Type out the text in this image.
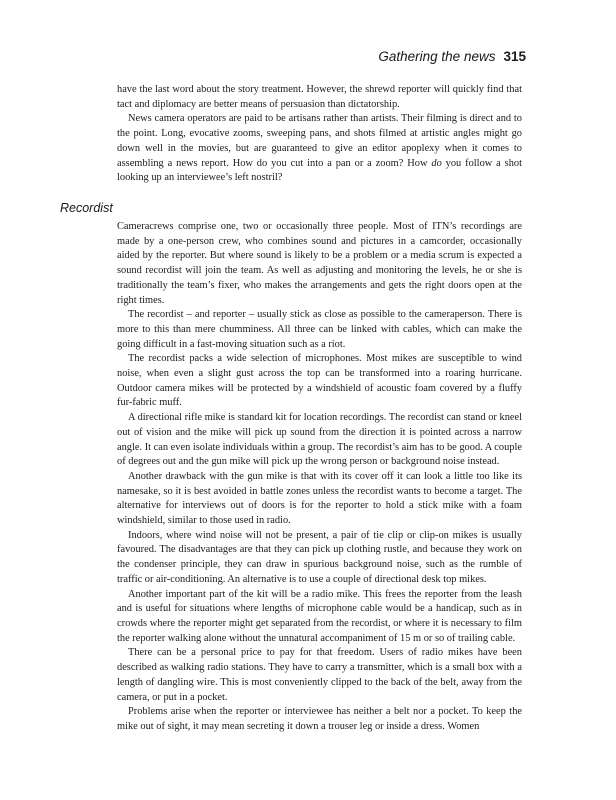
Gathering the news 315

have the last word about the story treatment. However, the shrewd reporter will quickly find that tact and diplomacy are better means of persuasion than dictatorship.

News camera operators are paid to be artisans rather than artists. Their filming is direct and to the point. Long, evocative zooms, sweeping pans, and shots filmed at artistic angles might go down well in the movies, but are guaranteed to give an editor apoplexy when it comes to assembling a news report. How do you cut into a pan or a zoom? How do you follow a shot looking up an interviewee’s left nostril?

Recordist

Cameracrews comprise one, two or occasionally three people. Most of ITN’s recordings are made by a one-person crew, who combines sound and pictures in a camcorder, occasionally aided by the reporter. But where sound is likely to be a problem or a media scrum is expected a sound recordist will join the team. As well as adjusting and monitoring the levels, he or she is traditionally the team’s fixer, who makes the arrangements and gets the right doors open at the right times.

The recordist – and reporter – usually stick as close as possible to the cameraperson. There is more to this than mere chumminess. All three can be linked with cables, which can make the going difficult in a fast-moving situation such as a riot.

The recordist packs a wide selection of microphones. Most mikes are susceptible to wind noise, when even a slight gust across the top can be transformed into a roaring hurricane. Outdoor camera mikes will be protected by a windshield of acoustic foam covered by a fluffy fur-fabric muff.

A directional rifle mike is standard kit for location recordings. The recordist can stand or kneel out of vision and the mike will pick up sound from the direction it is pointed across a narrow angle. It can even isolate individuals within a group. The recordist’s aim has to be good. A couple of degrees out and the gun mike will pick up the wrong person or background noise instead.

Another drawback with the gun mike is that with its cover off it can look a little too like its namesake, so it is best avoided in battle zones unless the recordist wants to become a target. The alternative for interviews out of doors is for the reporter to hold a stick mike with a foam windshield, similar to those used in radio.

Indoors, where wind noise will not be present, a pair of tie clip or clip-on mikes is usually favoured. The disadvantages are that they can pick up clothing rustle, and because they work on the condenser principle, they can draw in spurious background noise, such as the rumble of traffic or air-conditioning. An alternative is to use a couple of directional desk top mikes.

Another important part of the kit will be a radio mike. This frees the reporter from the leash and is useful for situations where lengths of microphone cable would be a handicap, such as in crowds where the reporter might get separated from the recordist, or where it is necessary to film the reporter walking alone without the unnatural accompaniment of 15 m or so of trailing cable.

There can be a personal price to pay for that freedom. Users of radio mikes have been described as walking radio stations. They have to carry a transmitter, which is a small box with a length of dangling wire. This is most conveniently clipped to the back of the belt, away from the camera, or put in a pocket.

Problems arise when the reporter or interviewee has neither a belt nor a pocket. To keep the mike out of sight, it may mean secreting it down a trouser leg or inside a dress. Women
